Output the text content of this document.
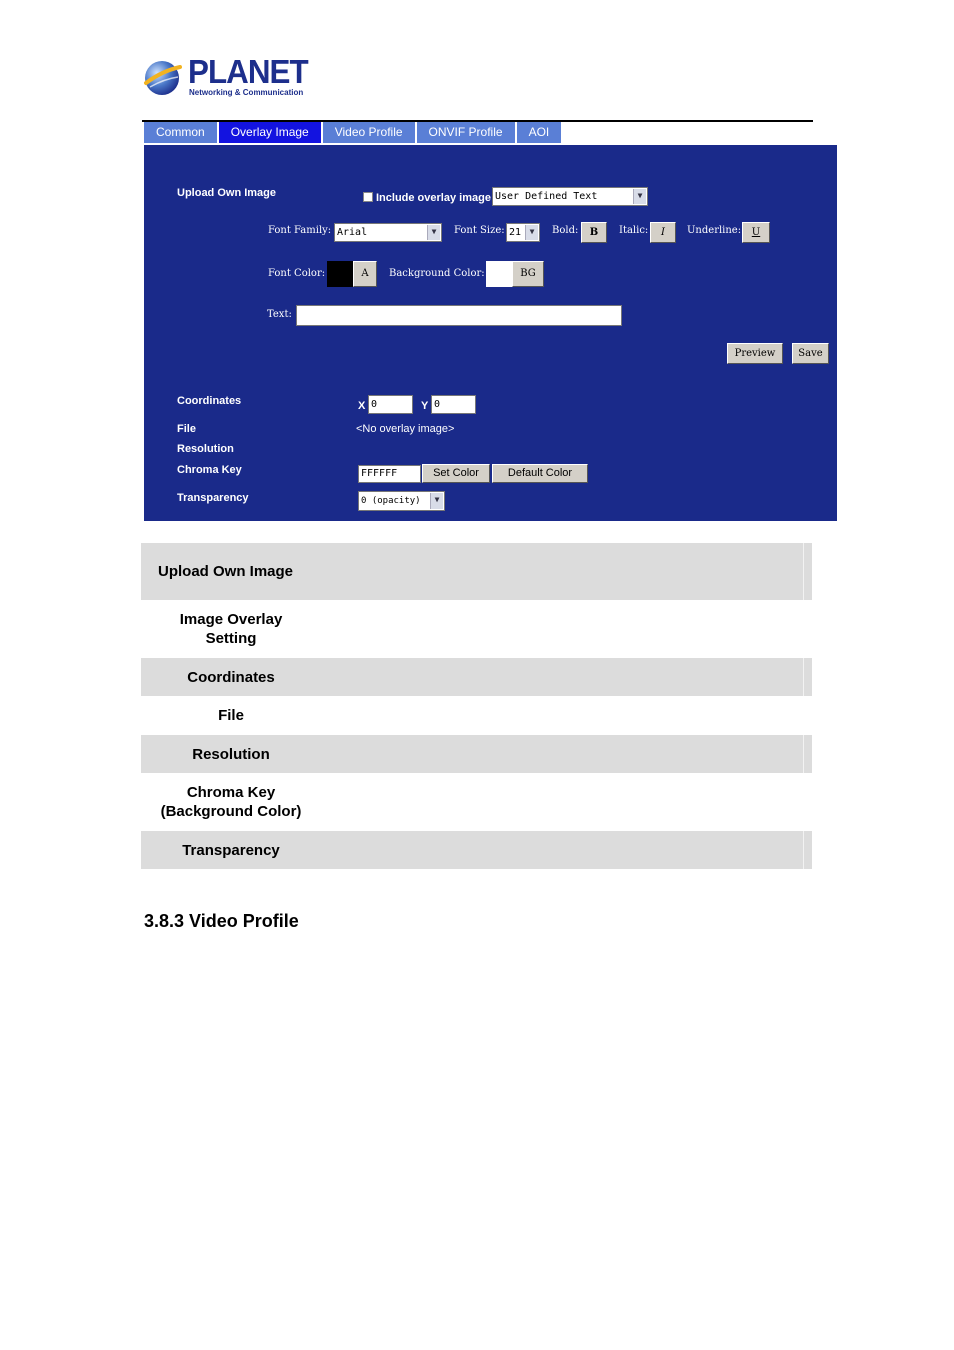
PLANET
Networking & Communication
Common	Overlay Image	Video Profile	ONVIF Profile	AOI
Upload Own Image	Include overlay image User Defined Text	▼
Font Family: Arial	▼	Font Size: 21	▼	Bold:	B	Italic:	I	Underline:	U
Font Color:	A	Background Color:	BG
Text:
Preview	Save
Coordinates	X 0	Y 0
File	<No overlay image>
Resolution
Chroma Key	FFFFFF	Set Color	Default Color
Transparency	0 (opacity)	▼
Upload Own Image
Image Overlay
Setting
Coordinates
File
Resolution
Chroma Key
(Background Color)
Transparency
3.8.3 Video Profile
